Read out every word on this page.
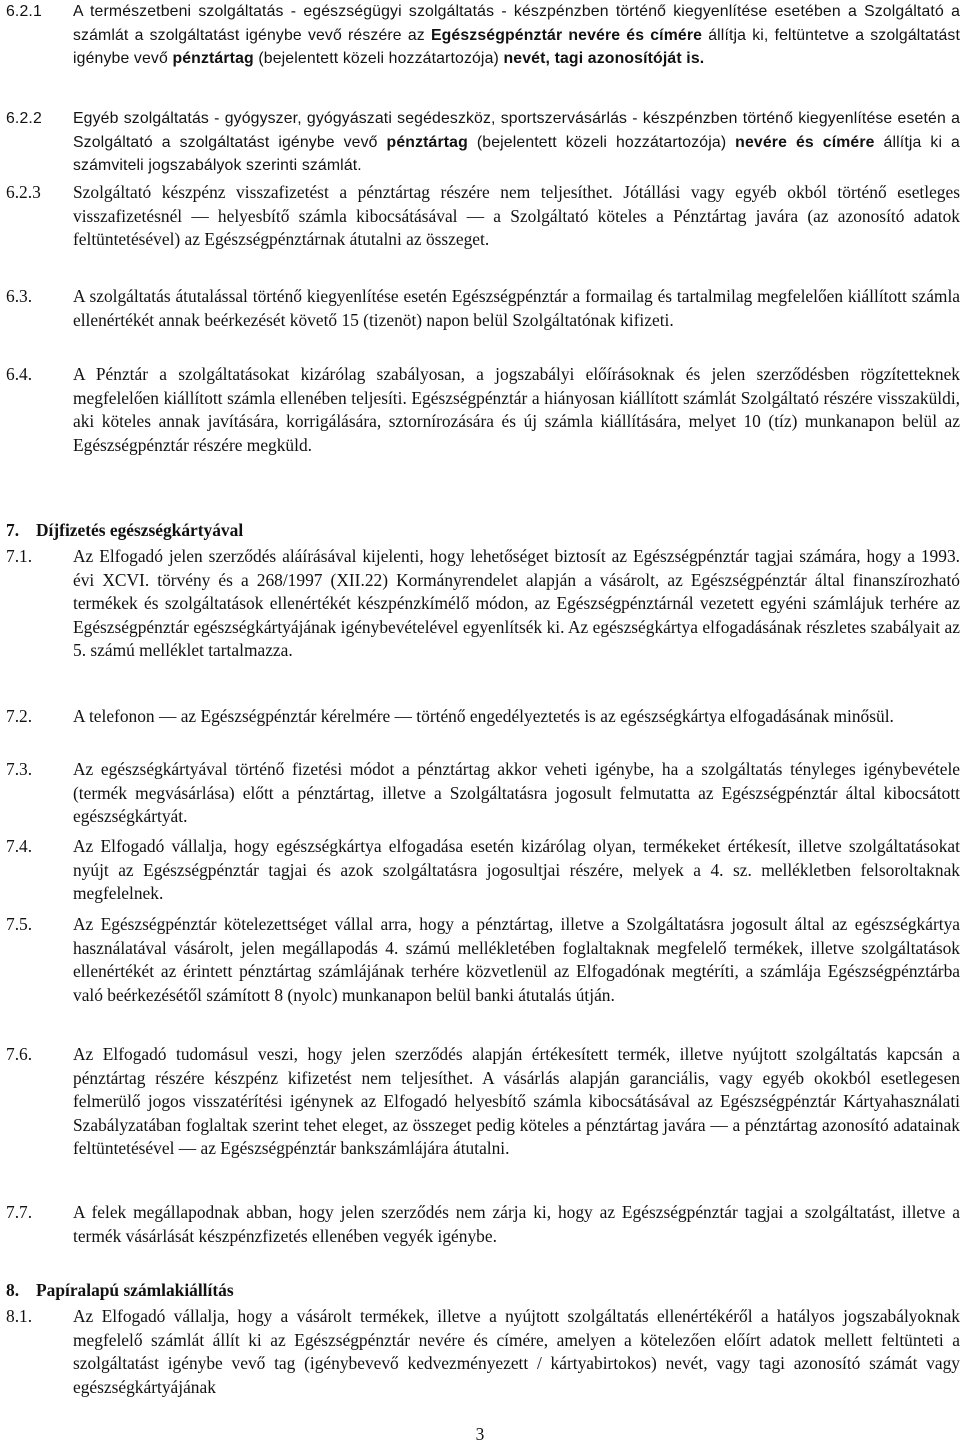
6.2.1	A természetbeni szolgáltatás - egészségügyi szolgáltatás - készpénzben történő kiegyenlítése esetében a Szolgáltató a számlát a szolgáltatást igénybe vevő részére az Egészségpénztár nevére és címére állítja ki, feltüntetve a szolgáltatást igénybe vevő pénztártag (bejelentett közeli hozzátartozója) nevét, tagi azonosítóját is.
6.2.2	Egyéb szolgáltatás - gyógyszer, gyógyászati segédeszköz, sportszervásárlás - készpénzben történő kiegyenlítése esetén a Szolgáltató a szolgáltatást igénybe vevő pénztártag (bejelentett közeli hozzátartozója) nevére és címére állítja ki a számviteli jogszabályok szerinti számlát.
6.2.3	Szolgáltató készpénz visszafizetést a pénztártag részére nem teljesíthet. Jótállási vagy egyéb okból történő esetleges visszafizetésnél ― helyesbítő számla kibocsátásával ― a Szolgáltató köteles a Pénztártag javára (az azonosító adatok feltüntetésével) az Egészségpénztárnak átutalni az összeget.
6.3.	A szolgáltatás átutalással történő kiegyenlítése esetén Egészségpénztár a formailag és tartalmilag megfelelően kiállított számla ellenértékét annak beérkezését követő 15 (tizenöt) napon belül Szolgáltatónak kifizeti.
6.4.	A Pénztár a szolgáltatásokat kizárólag szabályosan, a jogszabályi előírásoknak és jelen szerződésben rögzítetteknek megfelelően kiállított számla ellenében teljesíti. Egészségpénztár a hiányosan kiállított számlát Szolgáltató részére visszaküldi, aki köteles annak javítására, korrigálására, sztornírozására és új számla kiállítására, melyet 10 (tíz) munkanapon belül az Egészségpénztár részére megküld.
7. Díjfizetés egészségkártyával
7.1.	Az Elfogadó jelen szerződés aláírásával kijelenti, hogy lehetőséget biztosít az Egészségpénztár tagjai számára, hogy a 1993. évi XCVI. törvény és a 268/1997 (XII.22) Kormányrendelet alapján a vásárolt, az Egészségpénztár által finanszírozható termékek és szolgáltatások ellenértékét készpénzkímélő módon, az Egészségpénztárnál vezetett egyéni számlájuk terhére az Egészségpénztár egészségkártyájának igénybevételével egyenlítsék ki. Az egészségkártya elfogadásának részletes szabályait az 5. számú melléklet tartalmazza.
7.2.	A telefonon ― az Egészségpénztár kérelmére ― történő engedélyeztetés is az egészségkártya elfogadásának minősül.
7.3.	Az egészségkártyával történő fizetési módot a pénztártag akkor veheti igénybe, ha a szolgáltatás tényleges igénybevétele (termék megvásárlása) előtt a pénztártag, illetve a Szolgáltatásra jogosult felmutatta az Egészségpénztár által kibocsátott egészségkártyát.
7.4.	Az Elfogadó vállalja, hogy egészségkártya elfogadása esetén kizárólag olyan, termékeket értékesít, illetve szolgáltatásokat nyújt az Egészségpénztár tagjai és azok szolgáltatásra jogosultjai részére, melyek a 4. sz. mellékletben felsoroltaknak megfelelnek.
7.5.	Az Egészségpénztár kötelezettséget vállal arra, hogy a pénztártag, illetve a Szolgáltatásra jogosult által az egészségkártya használatával vásárolt, jelen megállapodás 4. számú mellékletében foglaltaknak megfelelő termékek, illetve szolgáltatások ellenértékét az érintett pénztártag számlájának terhére közvetlenül az Elfogadónak megtéríti, a számlája Egészségpénztárba való beérkezésétől számított 8 (nyolc) munkanapon belül banki átutalás útján.
7.6.	Az Elfogadó tudomásul veszi, hogy jelen szerződés alapján értékesített termék, illetve nyújtott szolgáltatás kapcsán a pénztártag részére készpénz kifizetést nem teljesíthet. A vásárlás alapján garanciális, vagy egyéb okokból esetlegesen felmerülő jogos visszatérítési igénynek az Elfogadó helyesbítő számla kibocsátásával az Egészségpénztár Kártyahasználati Szabályzatában foglaltak szerint tehet eleget, az összeget pedig köteles a pénztártag javára ― a pénztártag azonosító adatainak feltüntetésével ― az Egészségpénztár bankszámlájára átutalni.
7.7.	A felek megállapodnak abban, hogy jelen szerződés nem zárja ki, hogy az Egészségpénztár tagjai a szolgáltatást, illetve a termék vásárlását készpénzfizetés ellenében vegyék igénybe.
8. Papíralapú számlakiállítás
8.1.	Az Elfogadó vállalja, hogy a vásárolt termékek, illetve a nyújtott szolgáltatás ellenértékéről a hatályos jogszabályoknak megfelelő számlát állít ki az Egészségpénztár nevére és címére, amelyen a kötelezően előírt adatok mellett feltünteti a szolgáltatást igénybe vevő tag (igénybevevő kedvezményezett / kártyabirtokos) nevét, vagy tagi azonosító számát vagy egészségkártyájának
3
